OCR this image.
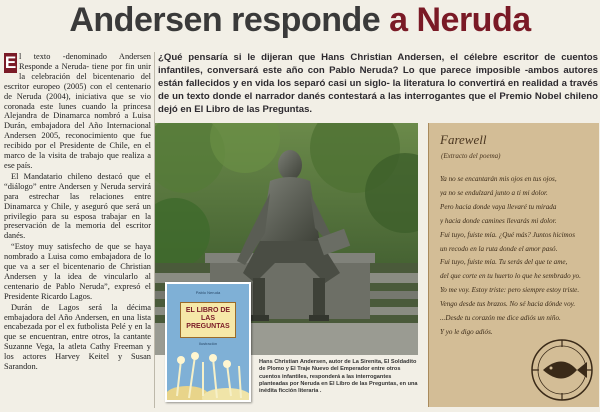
Andersen responde a Neruda

E l texto -denominado Andersen Responde a Neruda- tiene por fin unir la celebración del bicentenario del escritor europeo (2005) con el centenario de Neruda (2004), iniciativa que se vio coronada este lunes cuando la princesa Alejandra de Dinamarca nombró a Luisa Durán, embajadora del Año Internacional Andersen 2005, reconocimiento que fue recibido por el Presidente de Chile, en el marco de la visita de trabajo que realiza a ese país.

El Mandatario chileno destacó que el “diálogo” entre Andersen y Neruda servirá para estrechar las relaciones entre Dinamarca y Chile, y aseguró que será un privilegio para su esposa trabajar en la preservación de la memoria del escritor danés.

“Estoy muy satisfecho de que se haya nombrado a Luisa como embajadora de lo que va a ser el bicentenario de Christian Andersen y la idea de vincularlo al centenario de Pablo Neruda”, expresó el Presidente Ricardo Lagos.

Durán de Lagos será la décima embajadora del Año Andersen, en una lista encabezada por el ex futbolista Pelé y en la que se encuentran, entre otros, la cantante Suzanne Vega, la atleta Cathy Freeman y los actores Harvey Keitel y Susan Sarandon.

¿Qué pensaría si le dijeran que Hans Christian Andersen, el célebre escritor de cuentos infantiles, conversará este año con Pablo Neruda? Lo que parece imposible -ambos autores están fallecidos y en vida los separó casi un siglo- la literatura lo convertirá en realidad a través de un texto donde el narrador danés contestará a las interrogantes que el Premio Nobel chileno dejó en El Libro de las Preguntas.
Pablo Neruda
EL LIBRO DE LAS PREGUNTAS
Ilustración
Hans Christian Andersen, autor de La Sirenita, El Soldadito de Plomo y El Traje Nuevo del Emperador entre otros cuentos infantiles, responderá a las interrogantes planteadas por Neruda en El Libro de las Preguntas, en una inédita ficción literaria .
Farewell
(Extracto del poema)
Ya no se encantarán mis ojos en tus ojos,
ya no se endulzará junto a ti mi dolor.
Pero hacia donde vaya llevaré tu mirada
y hacia donde camines llevarás mi dolor.
Fui tuyo, fuiste mía. ¿Qué más? Juntos hicimos
un recodo en la ruta donde el amor pasó.
Fui tuyo, fuiste mía. Tu serás del que te ame,
del que corte en tu huerto lo que he sembrado yo.
Yo me voy. Estoy triste: pero siempre estoy triste.
Vengo desde tus brazos. No sé hacia dónde voy.
...Desde tu corazón me dice adiós un niño.
Y yo le digo adiós.
